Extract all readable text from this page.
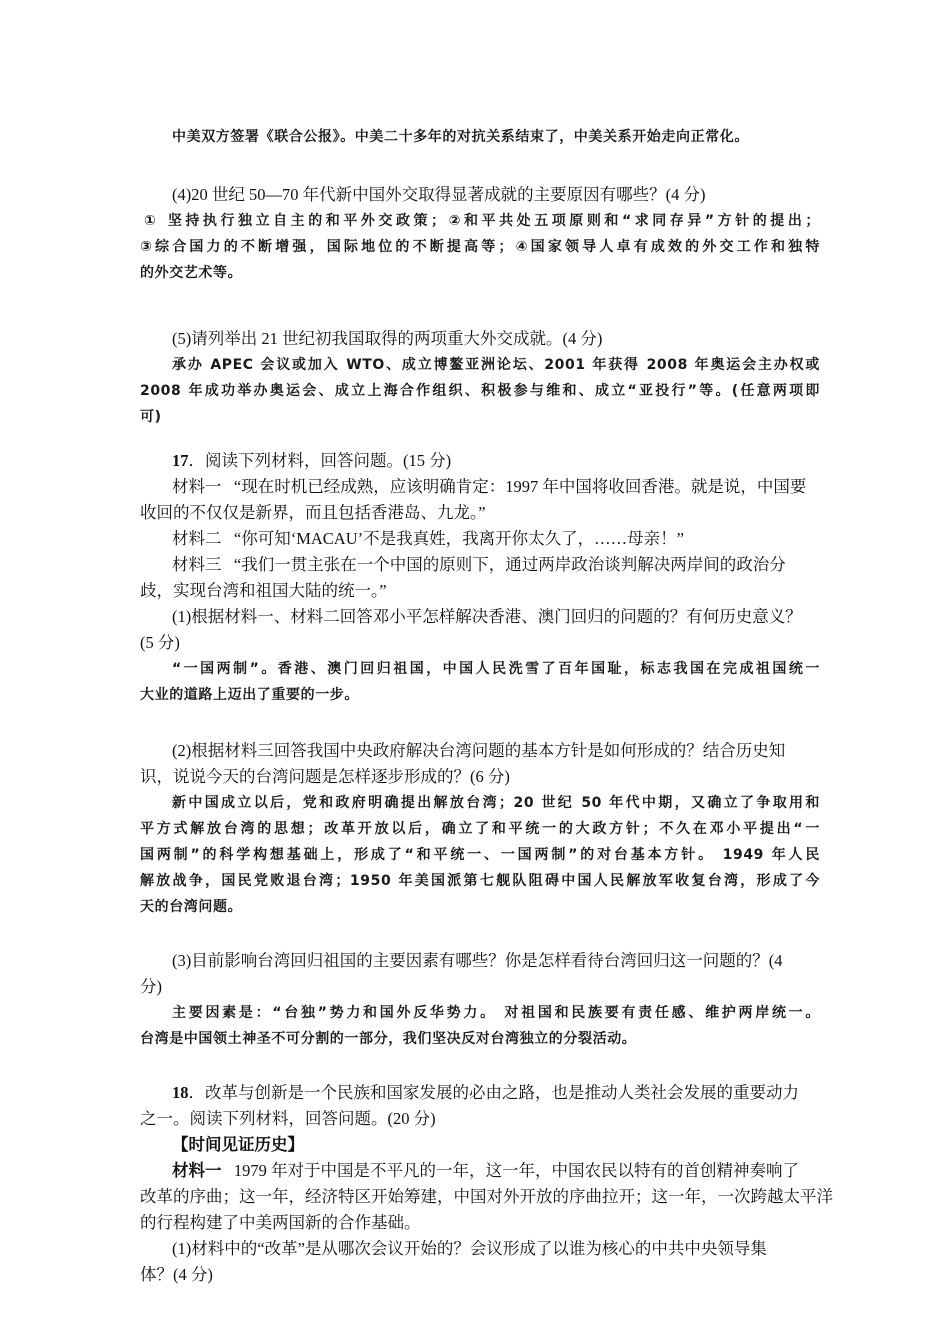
中美双方签署《联合公报》。中美二十多年的对抗关系结束了，中美关系开始走向正常化。
(4)20 世纪 50—70 年代新中国外交取得显著成就的主要原因有哪些？(4 分)
① 坚持执行独立自主的和平外交政策；②和平共处五项原则和“求同存异”方针的提出；
③综合国力的不断增强，国际地位的不断提高等；④国家领导人卓有成效的外交工作和独特
的外交艺术等。
(5)请列举出 21 世纪初我国取得的两项重大外交成就。(4 分)
承办 APEC 会议或加入 WTO、成立博鳌亚洲论坛、2001 年获得 2008 年奥运会主办权或
2008 年成功举办奥运会、成立上海合作组织、积极参与维和、成立“亚投行”等。(任意两项即
可)
17．阅读下列材料，回答问题。(15 分)
材料一 “现在时机已经成熟，应该明确肯定：1997 年中国将收回香港。就是说，中国要
收回的不仅仅是新界，而且包括香港岛、九龙。”
材料二 “你可知‘MACAU’不是我真姓，我离开你太久了，……母亲！”
材料三 “我们一贯主张在一个中国的原则下，通过两岸政治谈判解决两岸间的政治分
歧，实现台湾和祖国大陆的统一。”
(1)根据材料一、材料二回答邓小平怎样解决香港、澳门回归的问题的？有何历史意义？
(5 分)
“一国两制”。香港、澳门回归祖国，中国人民洗雪了百年国耻，标志我国在完成祖国统一
大业的道路上迈出了重要的一步。
(2)根据材料三回答我国中央政府解决台湾问题的基本方针是如何形成的？结合历史知
识，说说今天的台湾问题是怎样逐步形成的？(6 分)
新中国成立以后，党和政府明确提出解放台湾；20 世纪 50 年代中期，又确立了争取用和
平方式解放台湾的思想；改革开放以后，确立了和平统一的大政方针；不久在邓小平提出“一
国两制”的科学构想基础上，形成了“和平统一、一国两制”的对台基本方针。 1949 年人民
解放战争，国民党败退台湾；1950 年美国派第七舰队阻碍中国人民解放军收复台湾，形成了今
天的台湾问题。
(3)目前影响台湾回归祖国的主要因素有哪些？你是怎样看待台湾回归这一问题的？(4
分)
主要因素是：“台独”势力和国外反华势力。 对祖国和民族要有责任感、维护两岸统一。
台湾是中国领土神圣不可分割的一部分，我们坚决反对台湾独立的分裂活动。
18．改革与创新是一个民族和国家发展的必由之路，也是推动人类社会发展的重要动力
之一。阅读下列材料，回答问题。(20 分)
【时间见证历史】
材料一 1979 年对于中国是不平凡的一年，这一年，中国农民以特有的首创精神奏响了
改革的序曲；这一年，经济特区开始筹建，中国对外开放的序曲拉开；这一年，一次跨越太平洋
的行程构建了中美两国新的合作基础。
(1)材料中的“改革”是从哪次会议开始的？会议形成了以谁为核心的中共中央领导集
体？(4 分)
